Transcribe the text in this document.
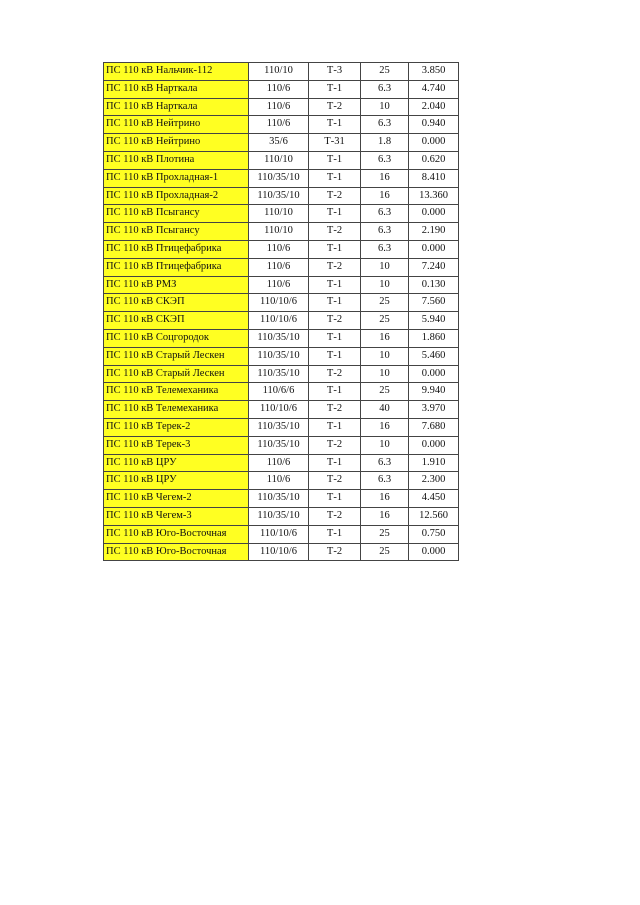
ПС 110 кВ Нальчик-112	110/10	Т-3	25	3.850
ПС 110 кВ Нарткала	110/6	Т-1	6.3	4.740
ПС 110 кВ Нарткала	110/6	Т-2	10	2.040
ПС 110 кВ Нейтрино	110/6	Т-1	6.3	0.940
ПС 110 кВ Нейтрино	35/6	Т-31	1.8	0.000
ПС 110 кВ Плотина	110/10	Т-1	6.3	0.620
ПС 110 кВ Прохладная-1	110/35/10	Т-1	16	8.410
ПС 110 кВ Прохладная-2	110/35/10	Т-2	16	13.360
ПС 110 кВ Псыгансу	110/10	Т-1	6.3	0.000
ПС 110 кВ Псыгансу	110/10	Т-2	6.3	2.190
ПС 110 кВ Птицефабрика	110/6	Т-1	6.3	0.000
ПС 110 кВ Птицефабрика	110/6	Т-2	10	7.240
ПС 110 кВ РМЗ	110/6	Т-1	10	0.130
ПС 110 кВ СКЭП	110/10/6	Т-1	25	7.560
ПС 110 кВ СКЭП	110/10/6	Т-2	25	5.940
ПС 110 кВ Соцгородок	110/35/10	Т-1	16	1.860
ПС 110 кВ Старый Лескен	110/35/10	Т-1	10	5.460
ПС 110 кВ Старый Лескен	110/35/10	Т-2	10	0.000
ПС 110 кВ Телемеханика	110/6/6	Т-1	25	9.940
ПС 110 кВ Телемеханика	110/10/6	Т-2	40	3.970
ПС 110 кВ Терек-2	110/35/10	Т-1	16	7.680
ПС 110 кВ Терек-3	110/35/10	Т-2	10	0.000
ПС 110 кВ ЦРУ	110/6	Т-1	6.3	1.910
ПС 110 кВ ЦРУ	110/6	Т-2	6.3	2.300
ПС 110 кВ Чегем-2	110/35/10	Т-1	16	4.450
ПС 110 кВ Чегем-3	110/35/10	Т-2	16	12.560
ПС 110 кВ Юго-Восточная	110/10/6	Т-1	25	0.750
ПС 110 кВ Юго-Восточная	110/10/6	Т-2	25	0.000
